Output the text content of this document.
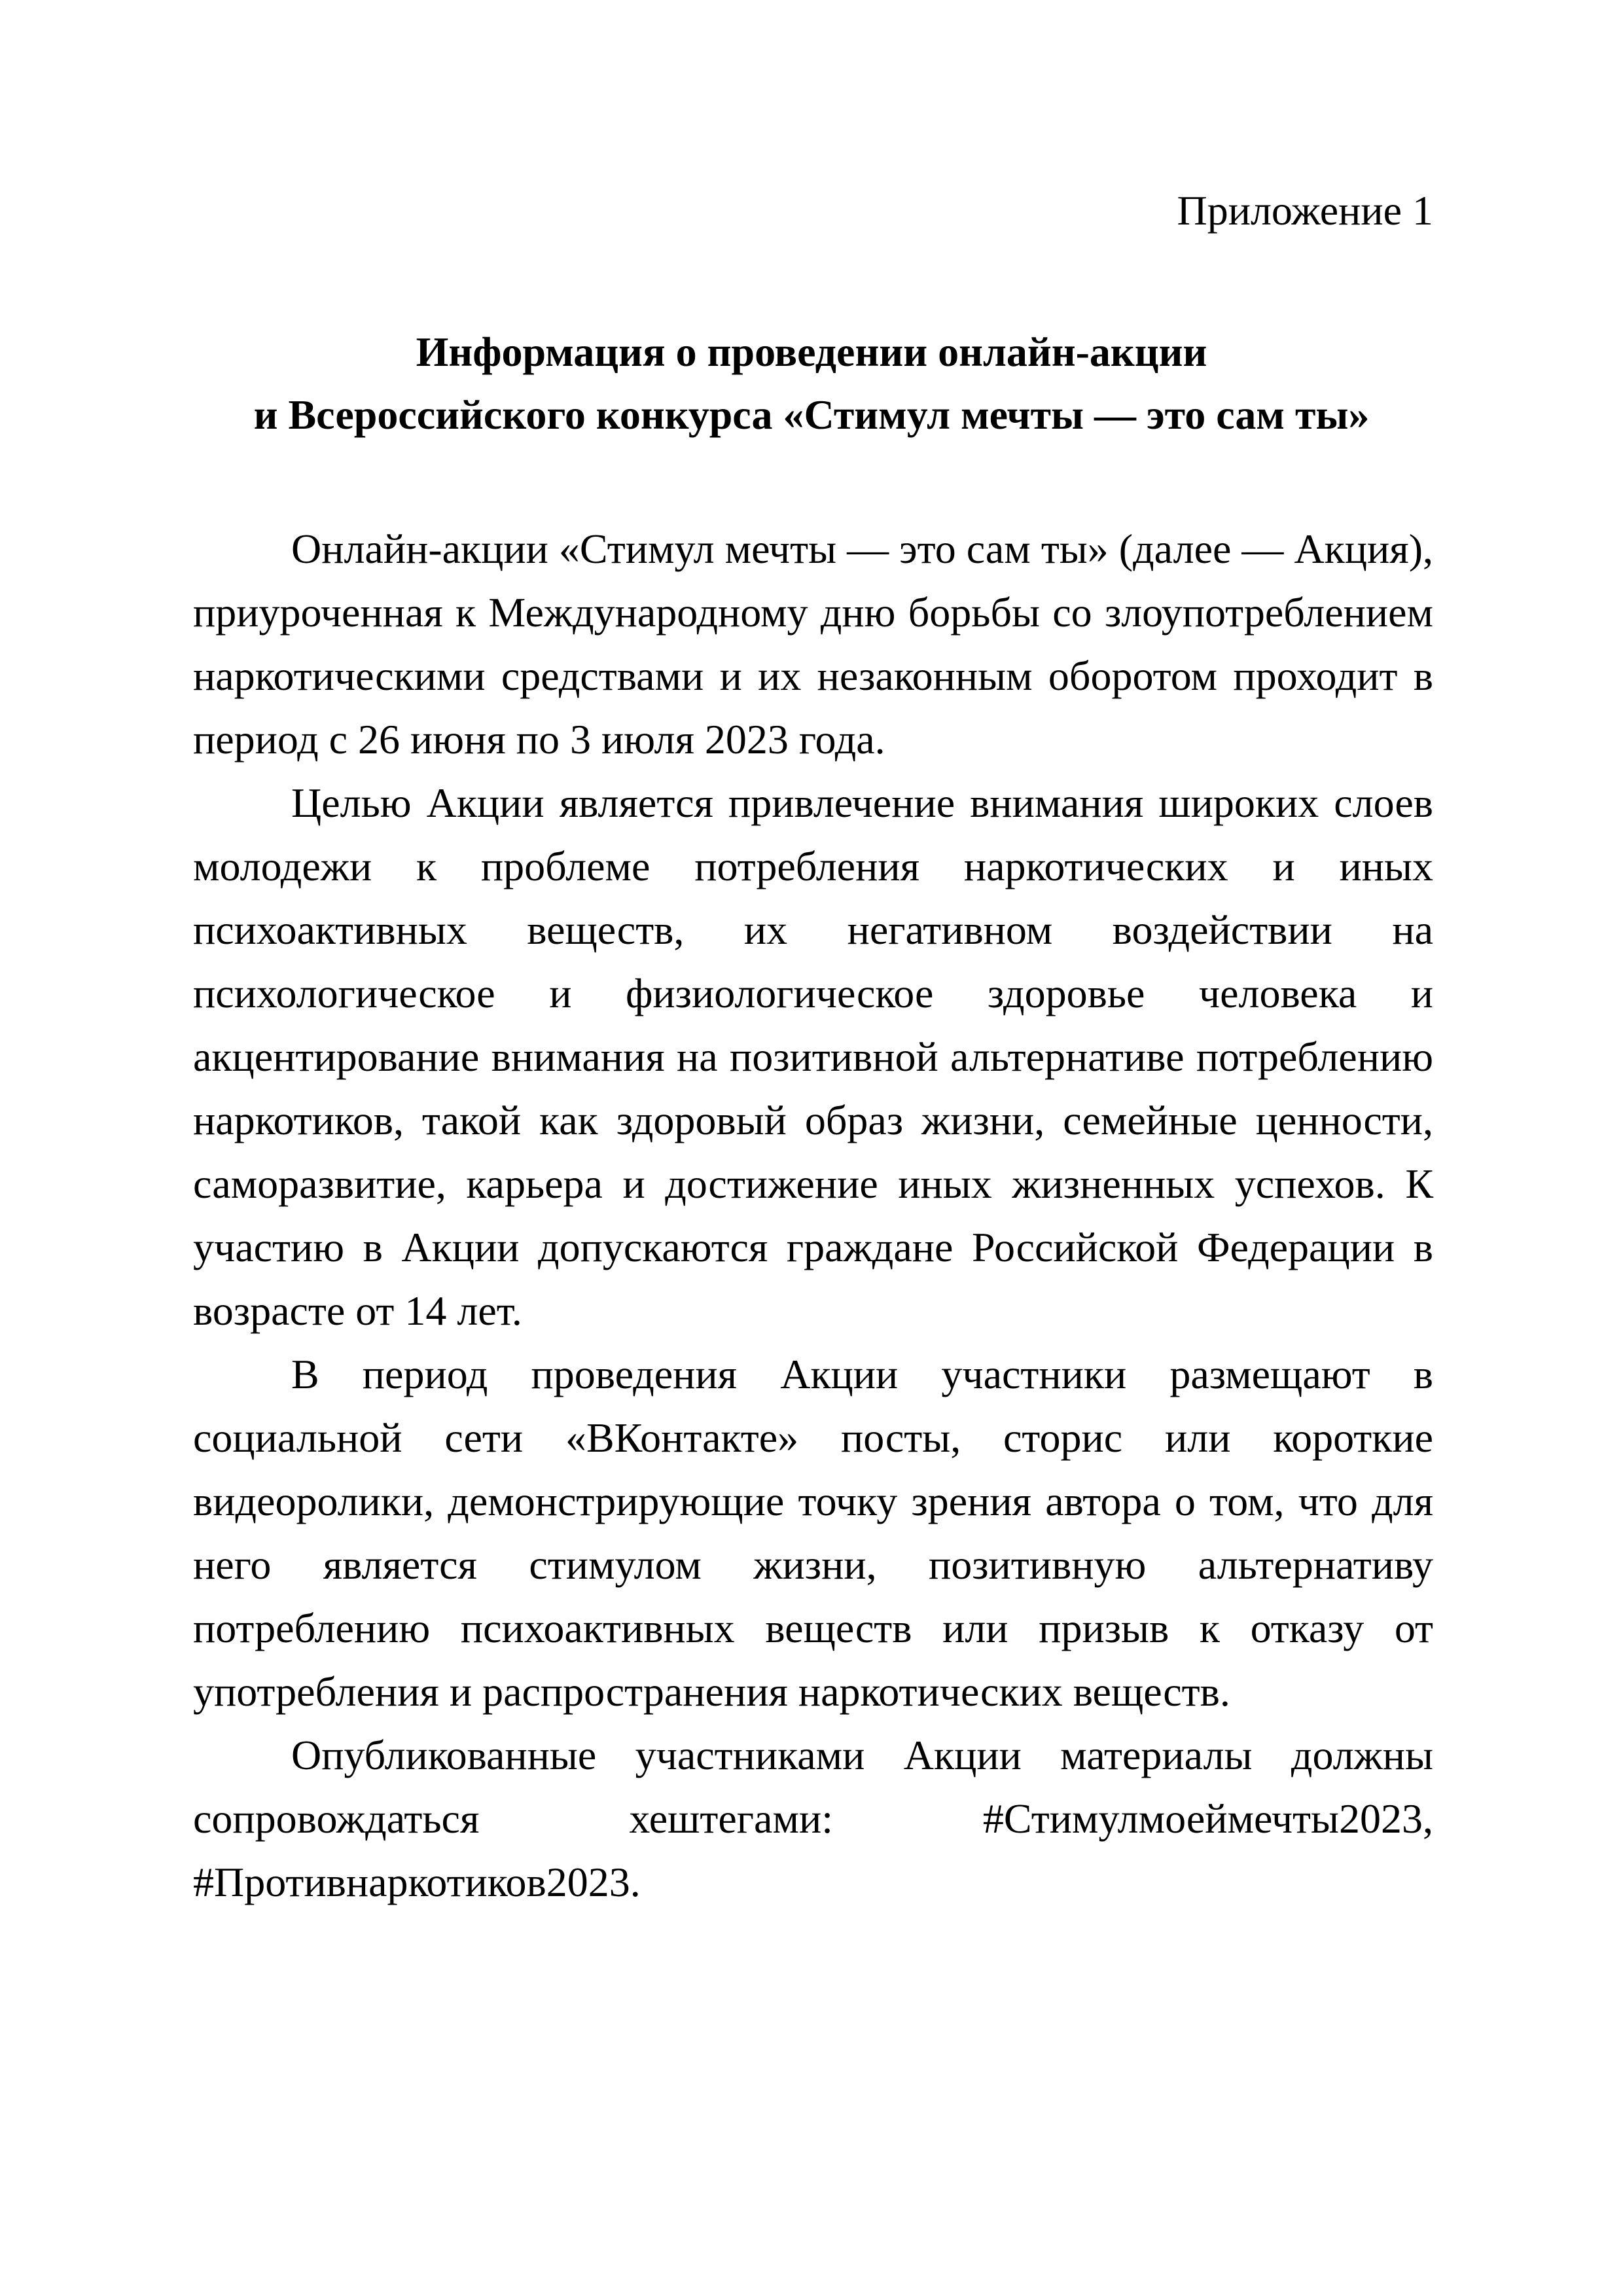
Приложение 1
Информация о проведении онлайн-акции
и Всероссийского конкурса «Стимул мечты — это сам ты»

Онлайн-акции «Стимул мечты — это сам ты» (далее — Акция), приуроченная к Международному дню борьбы со злоупотреблением наркотическими средствами и их незаконным оборотом проходит в период с 26 июня по 3 июля 2023 года.

Целью Акции является привлечение внимания широких слоев молодежи к проблеме потребления наркотических и иных психоактивных веществ, их негативном воздействии на психологическое и физиологическое здоровье человека и акцентирование внимания на позитивной альтернативе потреблению наркотиков, такой как здоровый образ жизни, семейные ценности, саморазвитие, карьера и достижение иных жизненных успехов. К участию в Акции допускаются граждане Российской Федерации в возрасте от 14 лет.

В период проведения Акции участники размещают в социальной сети «ВКонтакте» посты, сторис или короткие видеоролики, демонстрирующие точку зрения автора о том, что для него является стимулом жизни, позитивную альтернативу потреблению психоактивных веществ или призыв к отказу от употребления и распространения наркотических веществ.

Опубликованные участниками Акции материалы должны сопровождаться хештегами: #Стимулмоеймечты2023, #Противнаркотиков2023.
